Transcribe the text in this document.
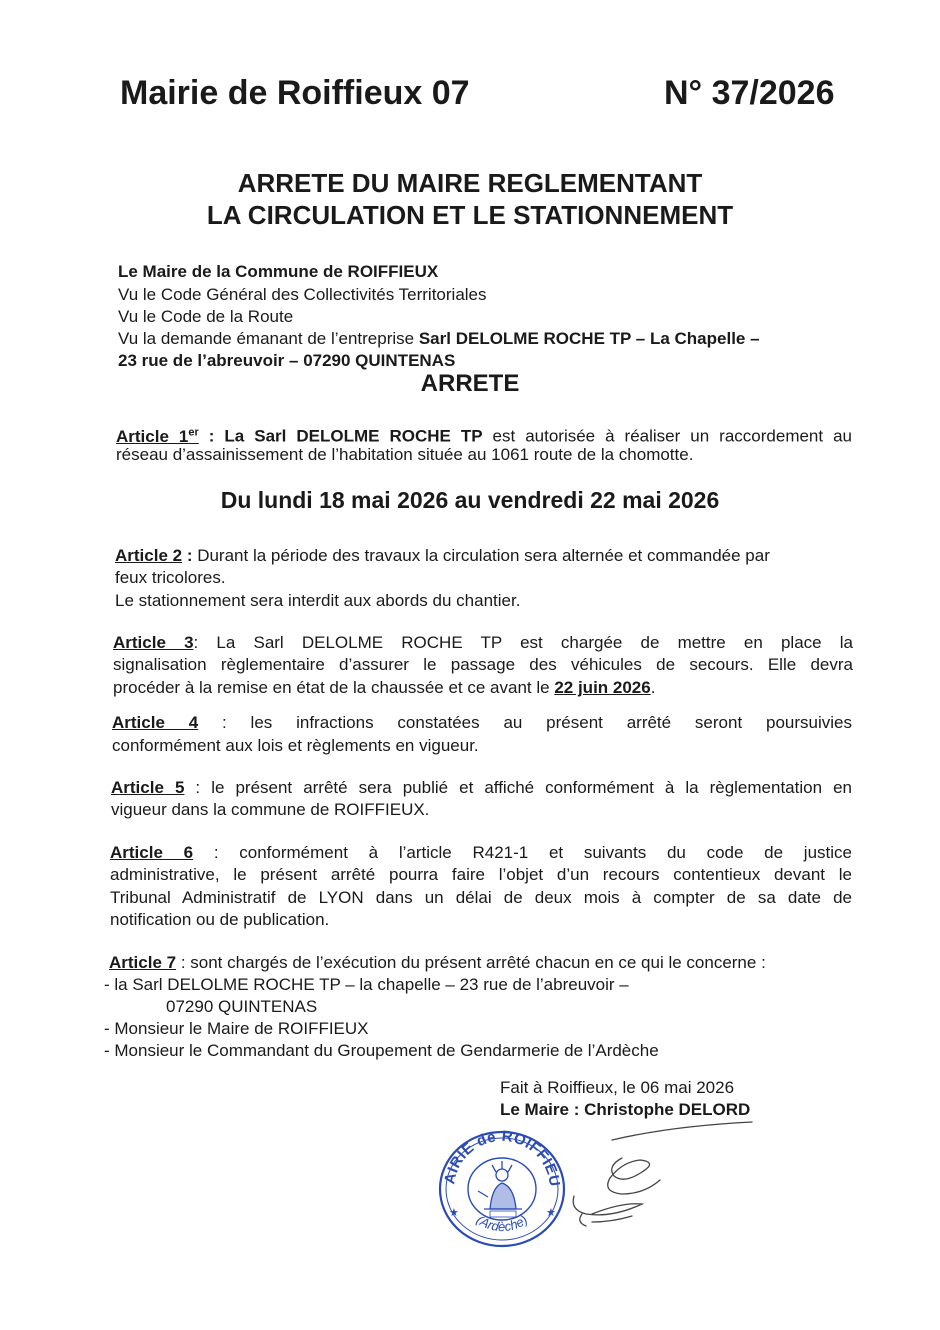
Mairie de Roiffieux 07	N° 37/2026
ARRETE DU MAIRE REGLEMENTANT
LA CIRCULATION ET LE STATIONNEMENT
Le Maire de la Commune de ROIFFIEUX
Vu le Code Général des Collectivités Territoriales
Vu le Code de la Route
Vu la demande émanant de l’entreprise Sarl DELOLME ROCHE TP – La Chapelle –
23 rue de l’abreuvoir – 07290 QUINTENAS
ARRETE
Article 1er : La Sarl DELOLME ROCHE TP est autorisée à réaliser un raccordement au
réseau d’assainissement de l’habitation située au 1061 route de la chomotte.
Du lundi 18 mai 2026 au vendredi 22 mai 2026
Article 2 : Durant la période des travaux la circulation sera alternée et commandée par
feux tricolores.
Le stationnement sera interdit aux abords du chantier.
Article 3: La Sarl DELOLME ROCHE TP est chargée de mettre en place la
signalisation règlementaire d’assurer le passage des véhicules de secours. Elle devra
procéder à la remise en état de la chaussée et ce avant le 22 juin 2026.
Article 4 : les infractions constatées au présent arrêté seront poursuivies
conformément aux lois et règlements en vigueur.
Article 5 : le présent arrêté sera publié et affiché conformément à la règlementation en
vigueur dans la commune de ROIFFIEUX.
Article 6 : conformément à l’article R421-1 et suivants du code de justice
administrative, le présent arrêté pourra faire l’objet d’un recours contentieux devant le
Tribunal Administratif de LYON dans un délai de deux mois à compter de sa date de
notification ou de publication.
Article 7 : sont chargés de l’exécution du présent arrêté chacun en ce qui le concerne :
- la Sarl DELOLME ROCHE TP – la chapelle – 23 rue de l’abreuvoir –
07290 QUINTENAS
- Monsieur le Maire de ROIFFIEUX
- Monsieur le Commandant du Groupement de Gendarmerie de l’Ardèche
Fait à Roiffieux, le 06 mai 2026
Le Maire : Christophe DELORD
AIRIE de ROIFFIEU
(Ardèche)
★	★
